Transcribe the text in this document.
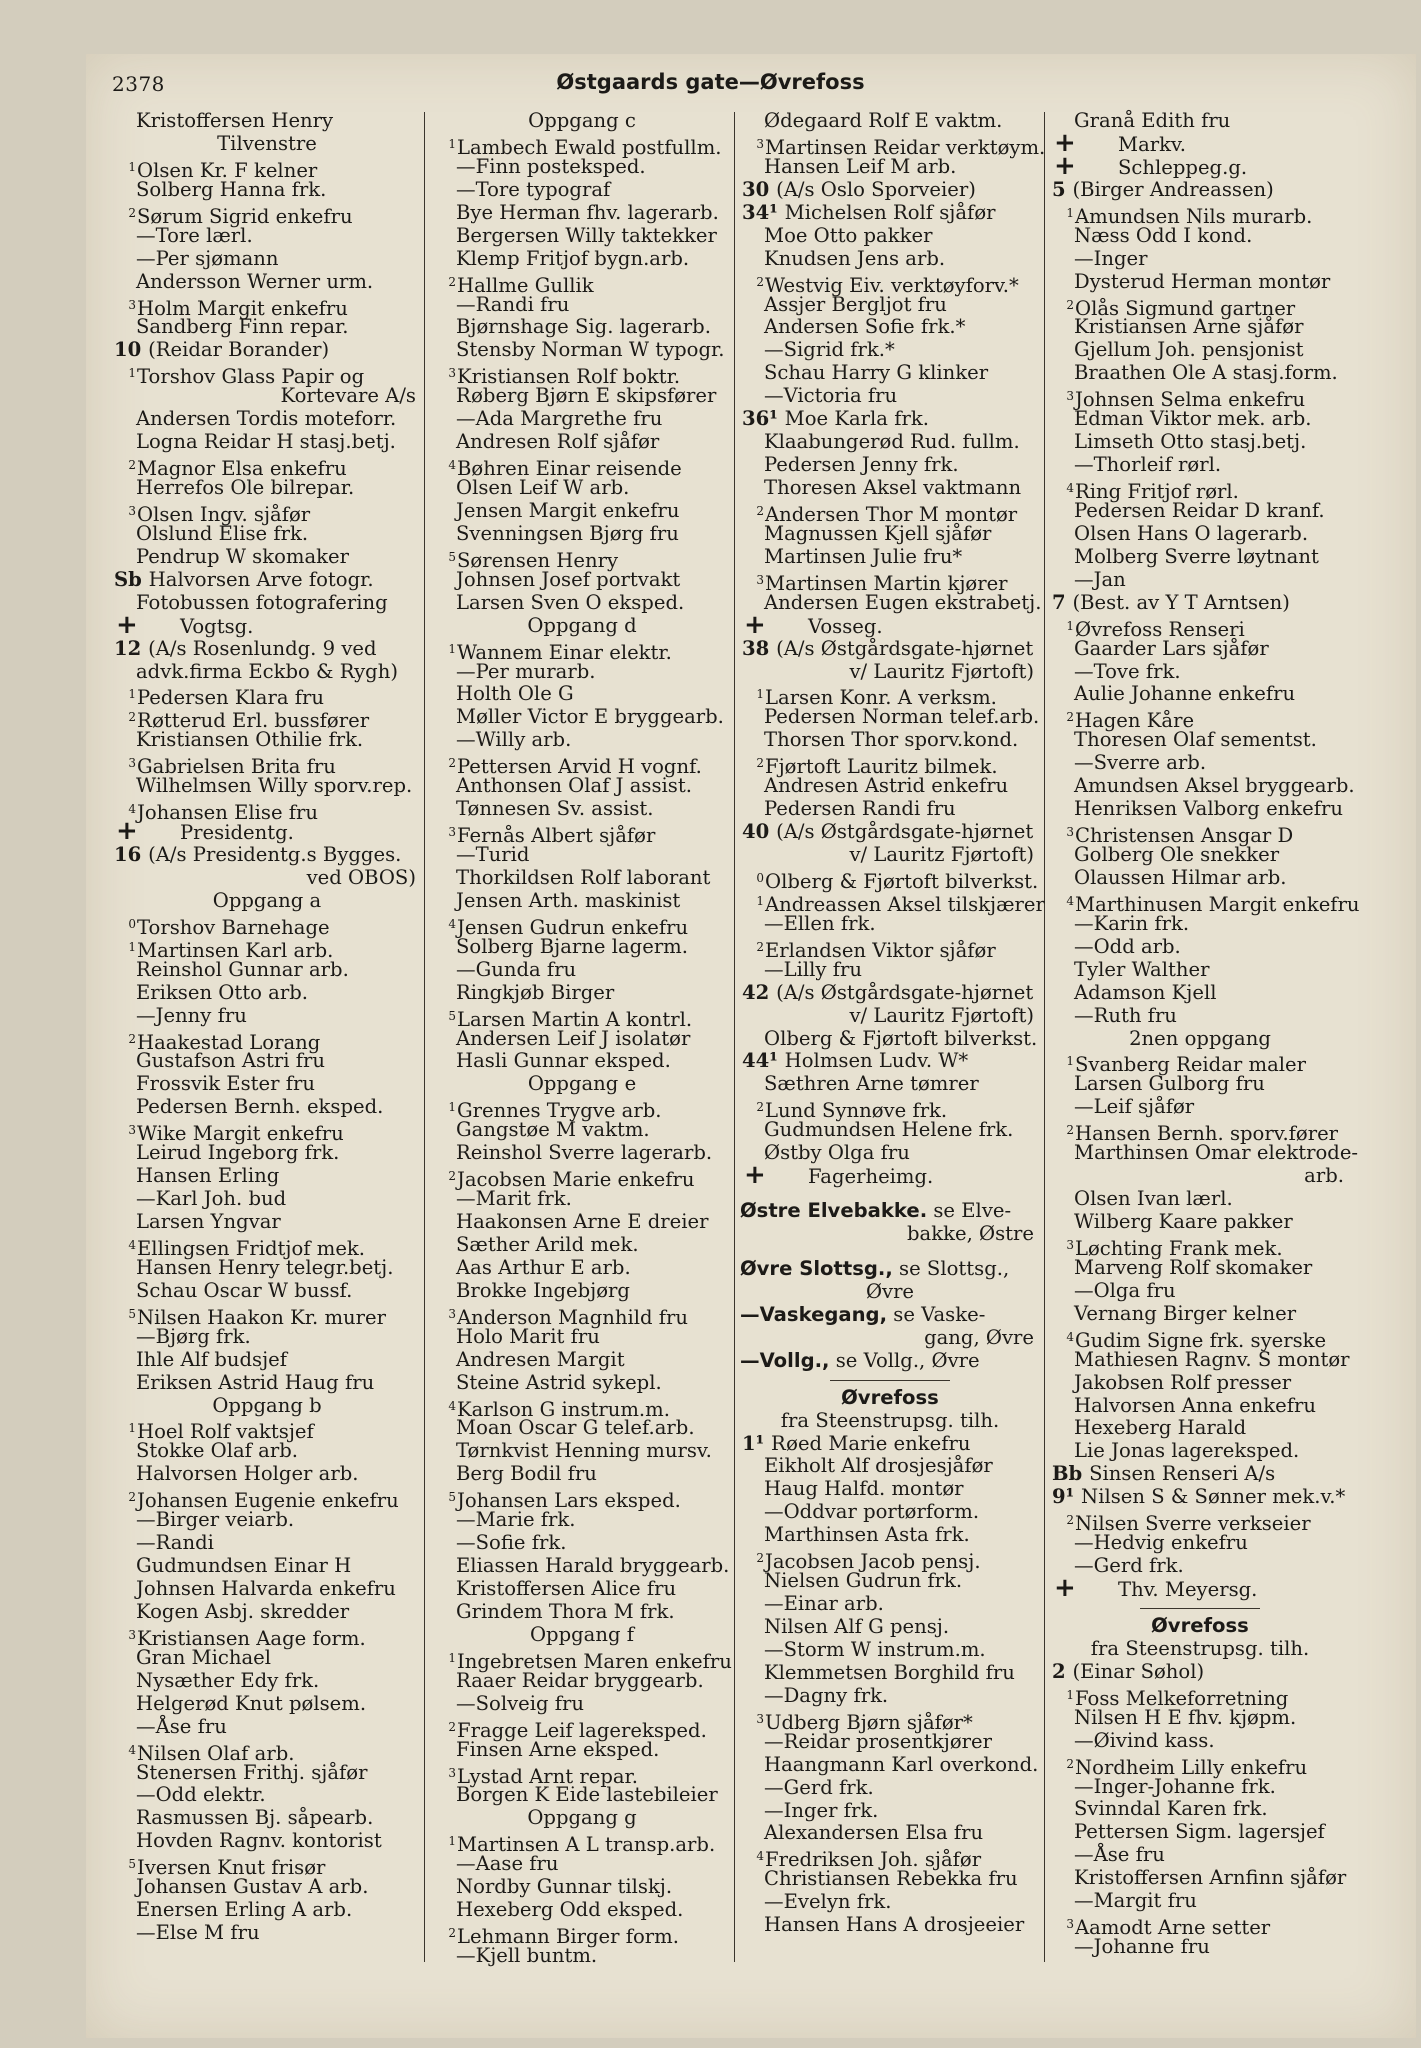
2378	Østgaards gate—Øvrefoss
Kristoffersen Henry
Tilvenstre
1Olsen Kr. F kelner
Solberg Hanna frk.
2Sørum Sigrid enkefru
—Tore lærl.
—Per sjømann
Andersson Werner urm.
3Holm Margit enkefru
Sandberg Finn repar.
10 (Reidar Borander)
1Torshov Glass Papir og
Kortevare A/s
Andersen Tordis moteforr.
Logna Reidar H stasj.betj.
2Magnor Elsa enkefru
Herrefos Ole bilrepar.
3Olsen Ingv. sjåfør
Olslund Elise frk.
Pendrup W skomaker
Sb Halvorsen Arve fotogr.
Fotobussen fotografering
+ Vogtsg.
12 (A/s Rosenlundg. 9 ved
advk.firma Eckbo & Rygh)
1Pedersen Klara fru
2Røtterud Erl. bussfører
Kristiansen Othilie frk.
3Gabrielsen Brita fru
Wilhelmsen Willy sporv.rep.
4Johansen Elise fru
+ Presidentg.
16 (A/s Presidentg.s Bygges.
ved OBOS)
Oppgang a
0Torshov Barnehage
1Martinsen Karl arb.
Reinshol Gunnar arb.
Eriksen Otto arb.
—Jenny fru
2Haakestad Lorang
Gustafson Astri fru
Frossvik Ester fru
Pedersen Bernh. eksped.
3Wike Margit enkefru
Leirud Ingeborg frk.
Hansen Erling
—Karl Joh. bud
Larsen Yngvar
4Ellingsen Fridtjof mek.
Hansen Henry telegr.betj.
Schau Oscar W bussf.
5Nilsen Haakon Kr. murer
—Bjørg frk.
Ihle Alf budsjef
Eriksen Astrid Haug fru
Oppgang b
1Hoel Rolf vaktsjef
Stokke Olaf arb.
Halvorsen Holger arb.
2Johansen Eugenie enkefru
—Birger veiarb.
—Randi
Gudmundsen Einar H
Johnsen Halvarda enkefru
Kogen Asbj. skredder
3Kristiansen Aage form.
Gran Michael
Nysæther Edy frk.
Helgerød Knut pølsem.
—Åse fru
4Nilsen Olaf arb.
Stenersen Frithj. sjåfør
—Odd elektr.
Rasmussen Bj. såpearb.
Hovden Ragnv. kontorist
5Iversen Knut frisør
Johansen Gustav A arb.
Enersen Erling A arb.
—Else M fru
Oppgang c
1Lambech Ewald postfullm.
—Finn posteksped.
—Tore typograf
Bye Herman fhv. lagerarb.
Bergersen Willy taktekker
Klemp Fritjof bygn.arb.
2Hallme Gullik
—Randi fru
Bjørnshage Sig. lagerarb.
Stensby Norman W typogr.
3Kristiansen Rolf boktr.
Røberg Bjørn E skipsfører
—Ada Margrethe fru
Andresen Rolf sjåfør
4Bøhren Einar reisende
Olsen Leif W arb.
Jensen Margit enkefru
Svenningsen Bjørg fru
5Sørensen Henry
Johnsen Josef portvakt
Larsen Sven O eksped.
Oppgang d
1Wannem Einar elektr.
—Per murarb.
Holth Ole G
Møller Victor E bryggearb.
—Willy arb.
2Pettersen Arvid H vognf.
Anthonsen Olaf J assist.
Tønnesen Sv. assist.
3Fernås Albert sjåfør
—Turid
Thorkildsen Rolf laborant
Jensen Arth. maskinist
4Jensen Gudrun enkefru
Solberg Bjarne lagerm.
—Gunda fru
Ringkjøb Birger
5Larsen Martin A kontrl.
Andersen Leif J isolatør
Hasli Gunnar eksped.
Oppgang e
1Grennes Trygve arb.
Gangstøe M vaktm.
Reinshol Sverre lagerarb.
2Jacobsen Marie enkefru
—Marit frk.
Haakonsen Arne E dreier
Sæther Arild mek.
Aas Arthur E arb.
Brokke Ingebjørg
3Anderson Magnhild fru
Holo Marit fru
Andresen Margit
Steine Astrid sykepl.
4Karlson G instrum.m.
Moan Oscar G telef.arb.
Tørnkvist Henning mursv.
Berg Bodil fru
5Johansen Lars eksped.
—Marie frk.
—Sofie frk.
Eliassen Harald bryggearb.
Kristoffersen Alice fru
Grindem Thora M frk.
Oppgang f
1Ingebretsen Maren enkefru
Raaer Reidar bryggearb.
—Solveig fru
2Fragge Leif lagereksped.
Finsen Arne eksped.
3Lystad Arnt repar.
Borgen K Eide lastebileier
Oppgang g
1Martinsen A L transp.arb.
—Aase fru
Nordby Gunnar tilskj.
Hexeberg Odd eksped.
2Lehmann Birger form.
—Kjell buntm.
Ødegaard Rolf E vaktm.
3Martinsen Reidar verktøym.
Hansen Leif M arb.
30 (A/s Oslo Sporveier)
34¹ Michelsen Rolf sjåfør
Moe Otto pakker
Knudsen Jens arb.
2Westvig Eiv. verktøyforv.*
Assjer Bergljot fru
Andersen Sofie frk.*
—Sigrid frk.*
Schau Harry G klinker
—Victoria fru
36¹ Moe Karla frk.
Klaabungerød Rud. fullm.
Pedersen Jenny frk.
Thoresen Aksel vaktmann
2Andersen Thor M montør
Magnussen Kjell sjåfør
Martinsen Julie fru*
3Martinsen Martin kjører
Andersen Eugen ekstrabetj.
+ Vosseg.
38 (A/s Østgårdsgate-hjørnet
v/ Lauritz Fjørtoft)
1Larsen Konr. A verksm.
Pedersen Norman telef.arb.
Thorsen Thor sporv.kond.
2Fjørtoft Lauritz bilmek.
Andresen Astrid enkefru
Pedersen Randi fru
40 (A/s Østgårdsgate-hjørnet
v/ Lauritz Fjørtoft)
0Olberg & Fjørtoft bilverkst.
1Andreassen Aksel tilskjærer
—Ellen frk.
2Erlandsen Viktor sjåfør
—Lilly fru
42 (A/s Østgårdsgate-hjørnet
v/ Lauritz Fjørtoft)
Olberg & Fjørtoft bilverkst.
44¹ Holmsen Ludv. W*
Sæthren Arne tømrer
2Lund Synnøve frk.
Gudmundsen Helene frk.
Østby Olga fru
+ Fagerheimg.
Østre Elvebakke. se Elve-
bakke, Østre
Øvre Slottsg., se Slottsg.,
Øvre
—Vaskegang, se Vaske-
gang, Øvre
—Vollg., se Vollg., Øvre
Øvrefoss
fra Steenstrupsg. tilh.
1¹ Røed Marie enkefru
Eikholt Alf drosjesjåfør
Haug Halfd. montør
—Oddvar portørform.
Marthinsen Asta frk.
2Jacobsen Jacob pensj.
Nielsen Gudrun frk.
—Einar arb.
Nilsen Alf G pensj.
—Storm W instrum.m.
Klemmetsen Borghild fru
—Dagny frk.
3Udberg Bjørn sjåfør*
—Reidar prosentkjører
Haangmann Karl overkond.
—Gerd frk.
—Inger frk.
Alexandersen Elsa fru
4Fredriksen Joh. sjåfør
Christiansen Rebekka fru
—Evelyn frk.
Hansen Hans A drosjeeier
Granå Edith fru
+ Markv.
+ Schleppeg.g.
5 (Birger Andreassen)
1Amundsen Nils murarb.
Næss Odd I kond.
—Inger
Dysterud Herman montør
2Olås Sigmund gartner
Kristiansen Arne sjåfør
Gjellum Joh. pensjonist
Braathen Ole A stasj.form.
3Johnsen Selma enkefru
Edman Viktor mek. arb.
Limseth Otto stasj.betj.
—Thorleif rørl.
4Ring Fritjof rørl.
Pedersen Reidar D kranf.
Olsen Hans O lagerarb.
Molberg Sverre løytnant
—Jan
7 (Best. av Y T Arntsen)
1Øvrefoss Renseri
Gaarder Lars sjåfør
—Tove frk.
Aulie Johanne enkefru
2Hagen Kåre
Thoresen Olaf sementst.
—Sverre arb.
Amundsen Aksel bryggearb.
Henriksen Valborg enkefru
3Christensen Ansgar D
Golberg Ole snekker
Olaussen Hilmar arb.
4Marthinusen Margit enkefru
—Karin frk.
—Odd arb.
Tyler Walther
Adamson Kjell
—Ruth fru
2nen oppgang
1Svanberg Reidar maler
Larsen Gulborg fru
—Leif sjåfør
2Hansen Bernh. sporv.fører
Marthinsen Omar elektrode-
arb.
Olsen Ivan lærl.
Wilberg Kaare pakker
3Løchting Frank mek.
Marveng Rolf skomaker
—Olga fru
Vernang Birger kelner
4Gudim Signe frk. syerske
Mathiesen Ragnv. S montør
Jakobsen Rolf presser
Halvorsen Anna enkefru
Hexeberg Harald
Lie Jonas lagereksped.
Bb Sinsen Renseri A/s
9¹ Nilsen S & Sønner mek.v.*
2Nilsen Sverre verkseier
—Hedvig enkefru
—Gerd frk.
+ Thv. Meyersg.
Øvrefoss
fra Steenstrupsg. tilh.
2 (Einar Søhol)
1Foss Melkeforretning
Nilsen H E fhv. kjøpm.
—Øivind kass.
2Nordheim Lilly enkefru
—Inger-Johanne frk.
Svinndal Karen frk.
Pettersen Sigm. lagersjef
—Åse fru
Kristoffersen Arnfinn sjåfør
—Margit fru
3Aamodt Arne setter
—Johanne fru
